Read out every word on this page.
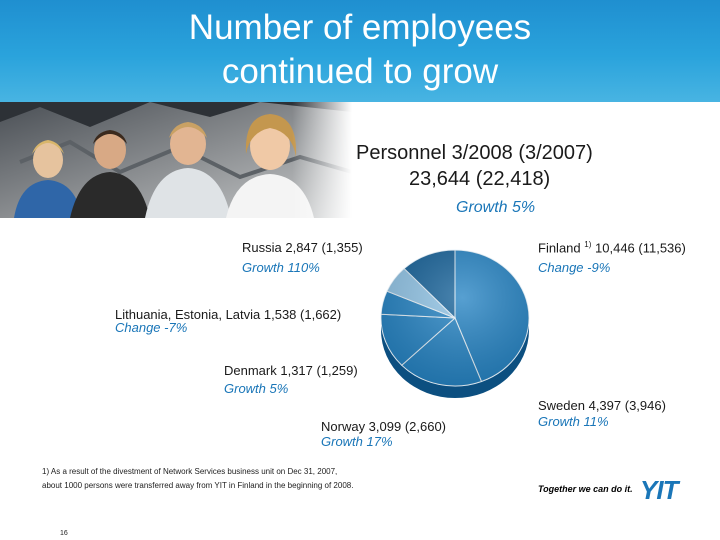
Number of employees
continued to grow
Personnel 3/2008 (3/2007)
23,644 (22,418)
Growth 5%
Finland $^{1)}$ 10,446 (11,536)
Change -9%
Russia 2,847 (1,355)
Growth 110%
Lithuania, Estonia, Latvia 1,538 (1,662)
Change -7%
Denmark 1,317 (1,259)
Growth 5%
Norway 3,099 (2,660)
Growth 17%
Sweden 4,397 (3,946)
Growth 11%
1) As a result of the divestment of Network Services business unit on Dec 31, 2007,
about 1000 persons were transferred away from YIT in Finland in the beginning of 2008.	Together we can do it. YIT
16
